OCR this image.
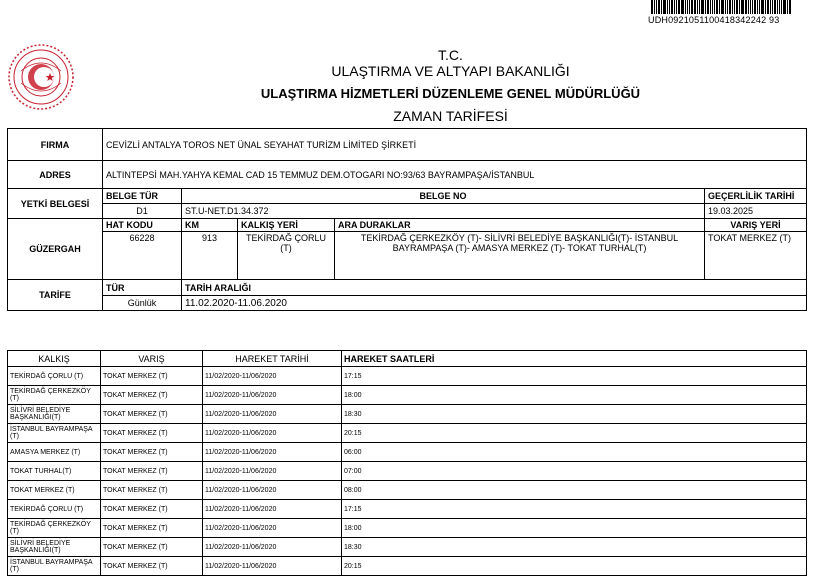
UDH0921051100418342242 93
T.C.
ULAŞTIRMA VE ALTYAPI BAKANLIĞI
ULAŞTIRMA HİZMETLERİ DÜZENLEME GENEL MÜDÜRLÜĞÜ
ZAMAN TARİFESİ
FIRMA	CEVİZLİ ANTALYA TOROS NET ÜNAL SEYAHAT TURİZM LİMİTED ŞİRKETİ				
ADRES	ALTINTEPSİ MAH.YAHYA KEMAL CAD 15 TEMMUZ DEM.OTOGARI NO:93/63 BAYRAMPAŞA/İSTANBUL				
YETKİ BELGESİ	BELGE TÜR	BELGE NO			GEÇERLİLİK TARİHİ
	D1	ST.U-NET.D1.34.372			19.03.2025
GÜZERGAH	HAT KODU	KM	KALKIŞ YERİ	ARA DURAKLAR	VARIŞ YERİ
	66228	913	TEKİRDAĞ ÇORLU (T)	TEKİRDAĞ ÇERKEZKÖY (T)- SİLİVRİ BELEDİYE BAŞKANLIĞI(T)- İSTANBUL BAYRAMPAŞA (T)- AMASYA MERKEZ (T)- TOKAT TURHAL(T)	TOKAT MERKEZ (T)
TARİFE	TÜR	TARİH ARALIĞI			
	Günlük	11.02.2020-11.06.2020			
KALKIŞ	VARIŞ	HAREKET TARİHİ	HAREKET SAATLERİ
TEKİRDAĞ ÇORLU (T)	TOKAT MERKEZ (T)	11/02/2020-11/06/2020	17:15
TEKİRDAĞ ÇERKEZKÖY (T)	TOKAT MERKEZ (T)	11/02/2020-11/06/2020	18:00
SİLİVRİ BELEDİYE BAŞKANLIĞI(T)	TOKAT MERKEZ (T)	11/02/2020-11/06/2020	18:30
İSTANBUL BAYRAMPAŞA (T)	TOKAT MERKEZ (T)	11/02/2020-11/06/2020	20:15
AMASYA MERKEZ (T)	TOKAT MERKEZ (T)	11/02/2020-11/06/2020	06:00
TOKAT TURHAL(T)	TOKAT MERKEZ (T)	11/02/2020-11/06/2020	07:00
TOKAT MERKEZ (T)	TOKAT MERKEZ (T)	11/02/2020-11/06/2020	08:00
TEKİRDAĞ ÇORLU (T)	TOKAT MERKEZ (T)	11/02/2020-11/06/2020	17:15
TEKİRDAĞ ÇERKEZKÖY (T)	TOKAT MERKEZ (T)	11/02/2020-11/06/2020	18:00
SİLİVRİ BELEDİYE BAŞKANLIĞI(T)	TOKAT MERKEZ (T)	11/02/2020-11/06/2020	18:30
İSTANBUL BAYRAMPAŞA (T)	TOKAT MERKEZ (T)	11/02/2020-11/06/2020	20:15
